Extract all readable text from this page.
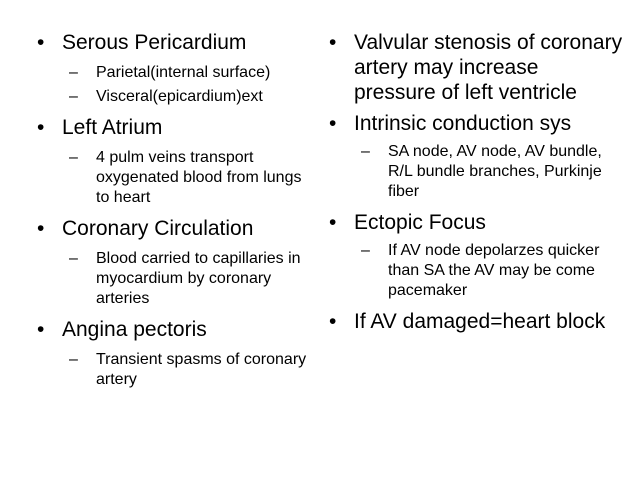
• Serous Pericardium
– Parietal(internal surface)
– Visceral(epicardium)ext
• Left Atrium
– 4 pulm veins transport oxygenated blood from lungs to heart
• Coronary Circulation
– Blood carried to capillaries in myocardium by coronary arteries
• Angina pectoris
– Transient spasms of coronary artery
• Valvular stenosis of coronary artery may increase pressure of left ventricle
• Intrinsic conduction sys
– SA node, AV node, AV bundle, R/L bundle branches, Purkinje fiber
• Ectopic Focus
– If AV node depolarzes quicker than SA the AV may be come pacemaker
• If AV damaged=heart block
